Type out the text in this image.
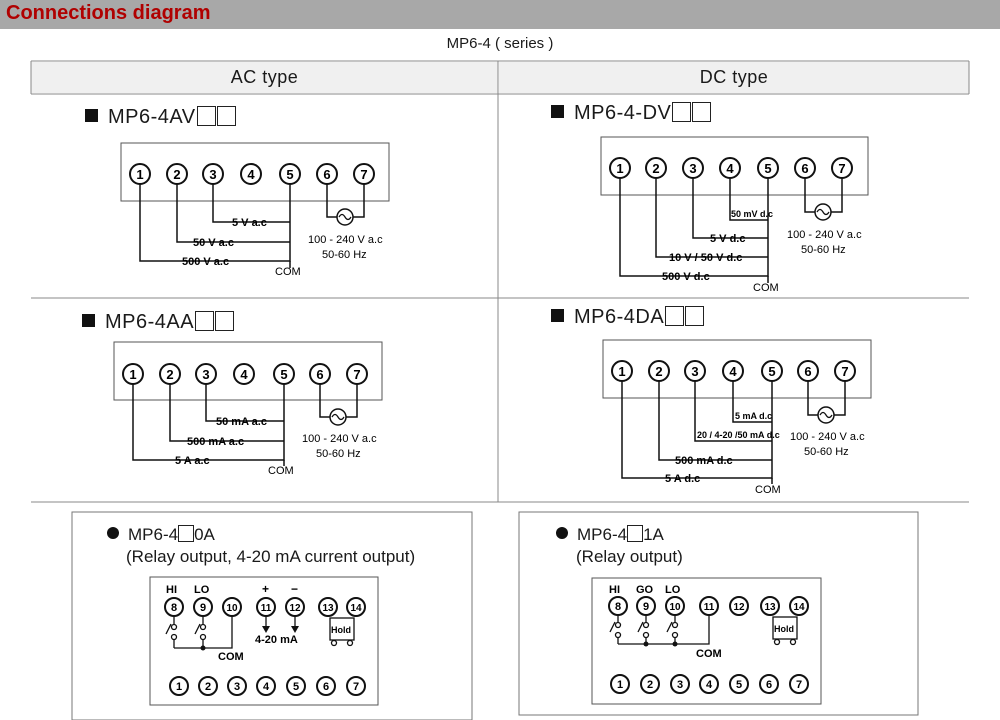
Connections diagram
MP6-4 ( series )
AC type	DC type
MP6-4AV	MP6-4-DV
MP6-4AA	MP6-4DA
1 2 3 4 5 6 7
5 V a.c
50 V a.c
500 V a.c
COM
100 - 240 V a.c
50-60 Hz
1 2 3 4 5 6 7
50 mV d.c
5 V d.c
10 V / 50 V d.c
500 V d.c
COM
100 - 240 V a.c
50-60 Hz
1 2 3 4	5 6 7
50 mA a.c
500 mA a.c
5 A a.c
COM
100 - 240 V a.c
50-60 Hz
1 2 3 4 5 6 7
5 mA d.c
20 / 4-20 /50 mA d.c
500 mA d.c
5 A d.c
COM
100 - 240 V a.c
50-60 Hz
MP6-4 0A
(Relay output, 4-20 mA current output)
HI LO	+ −
8 9 10 11 12 13 14
4-20 mA
Hold
COM
1 2 3 4 5 6 7
MP6-4 1A
(Relay output)
HI GO LO
8 9 10 11 12 13 14
Hold
COM
1 2 3 4 5 6 7
